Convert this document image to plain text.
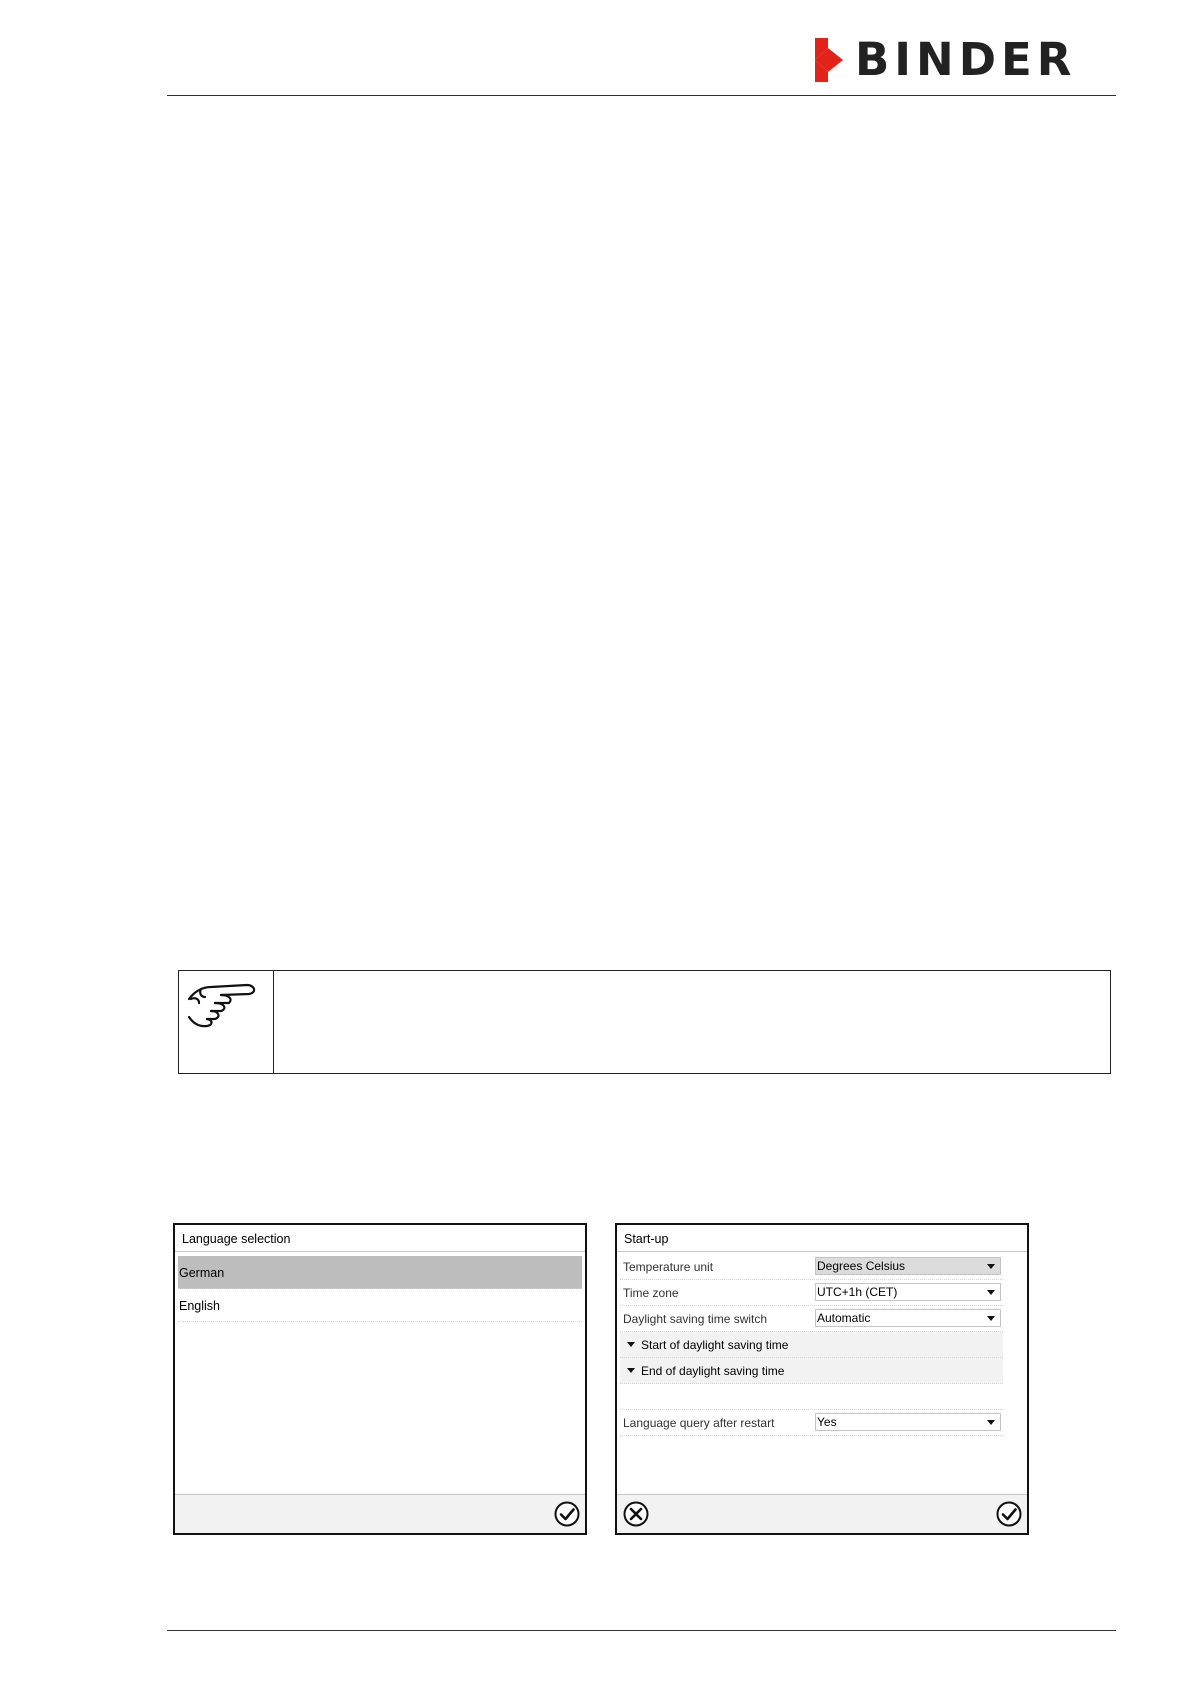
BINDER
Language selection
German
English
Start-up
Temperature unit	Degrees Celsius
Time zone	UTC+1h (CET)
Daylight saving time switch	Automatic
Start of daylight saving time
End of daylight saving time
Language query after restart	Yes
